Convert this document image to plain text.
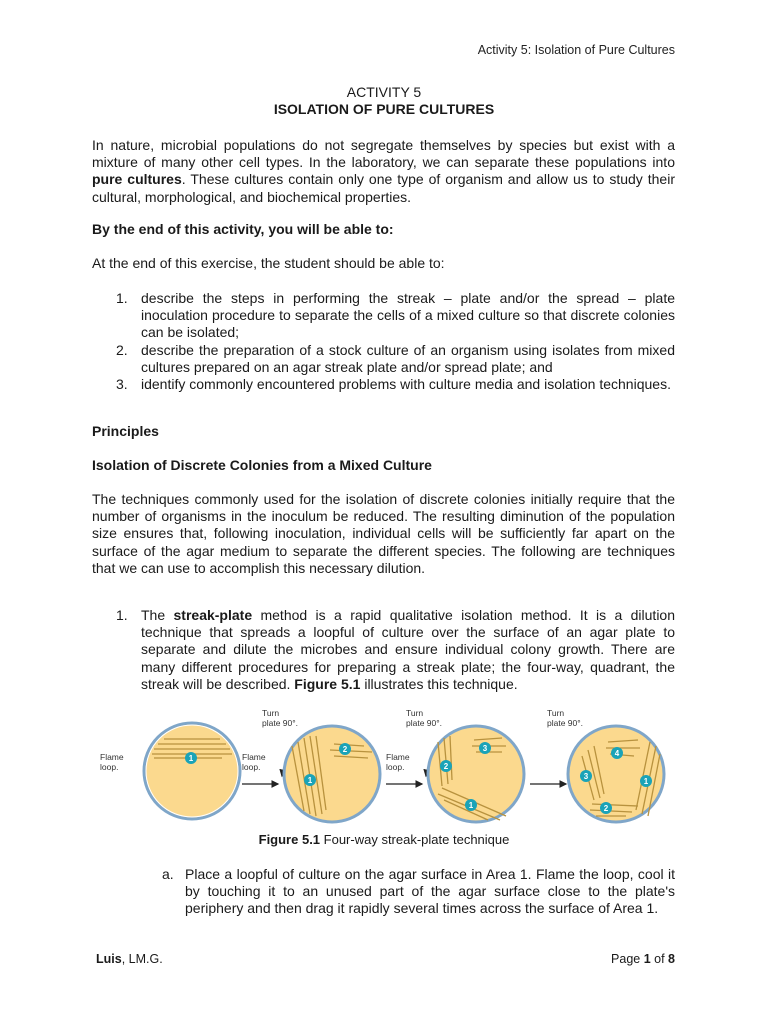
Activity 5: Isolation of Pure Cultures
ACTIVITY 5
ISOLATION OF PURE CULTURES
In nature, microbial populations do not segregate themselves by species but exist with a mixture of many other cell types. In the laboratory, we can separate these populations into pure cultures. These cultures contain only one type of organism and allow us to study their cultural, morphological, and biochemical properties.
By the end of this activity, you will be able to:
At the end of this exercise, the student should be able to:
1. describe the steps in performing the streak – plate and/or the spread – plate inoculation procedure to separate the cells of a mixed culture so that discrete colonies can be isolated;
2. describe the preparation of a stock culture of an organism using isolates from mixed cultures prepared on an agar streak plate and/or spread plate; and
3. identify commonly encountered problems with culture media and isolation techniques.
Principles
Isolation of Discrete Colonies from a Mixed Culture
The techniques commonly used for the isolation of discrete colonies initially require that the number of organisms in the inoculum be reduced. The resulting diminution of the population size ensures that, following inoculation, individual cells will be sufficiently far apart on the surface of the agar medium to separate the different species. The following are techniques that we can use to accomplish this necessary dilution.
1. The streak-plate method is a rapid qualitative isolation method. It is a dilution technique that spreads a loopful of culture over the surface of an agar plate to separate and dilute the microbes and ensure individual colony growth. There are many different procedures for preparing a streak plate; the four-way, quadrant, the streak will be described. Figure 5.1 illustrates this technique.
Flame
loop.
1	Flame
loop.
Turn
plate 90°.
2
1
Flame
loop.
Turn
plate 90°.
3
2
1
Turn
plate 90°.
4
3
1
2
Figure 5.1 Four-way streak-plate technique
a. Place a loopful of culture on the agar surface in Area 1. Flame the loop, cool it by touching it to an unused part of the agar surface close to the plate's periphery and then drag it rapidly several times across the surface of Area 1.
Luis, LM.G.	Page 1 of 8
